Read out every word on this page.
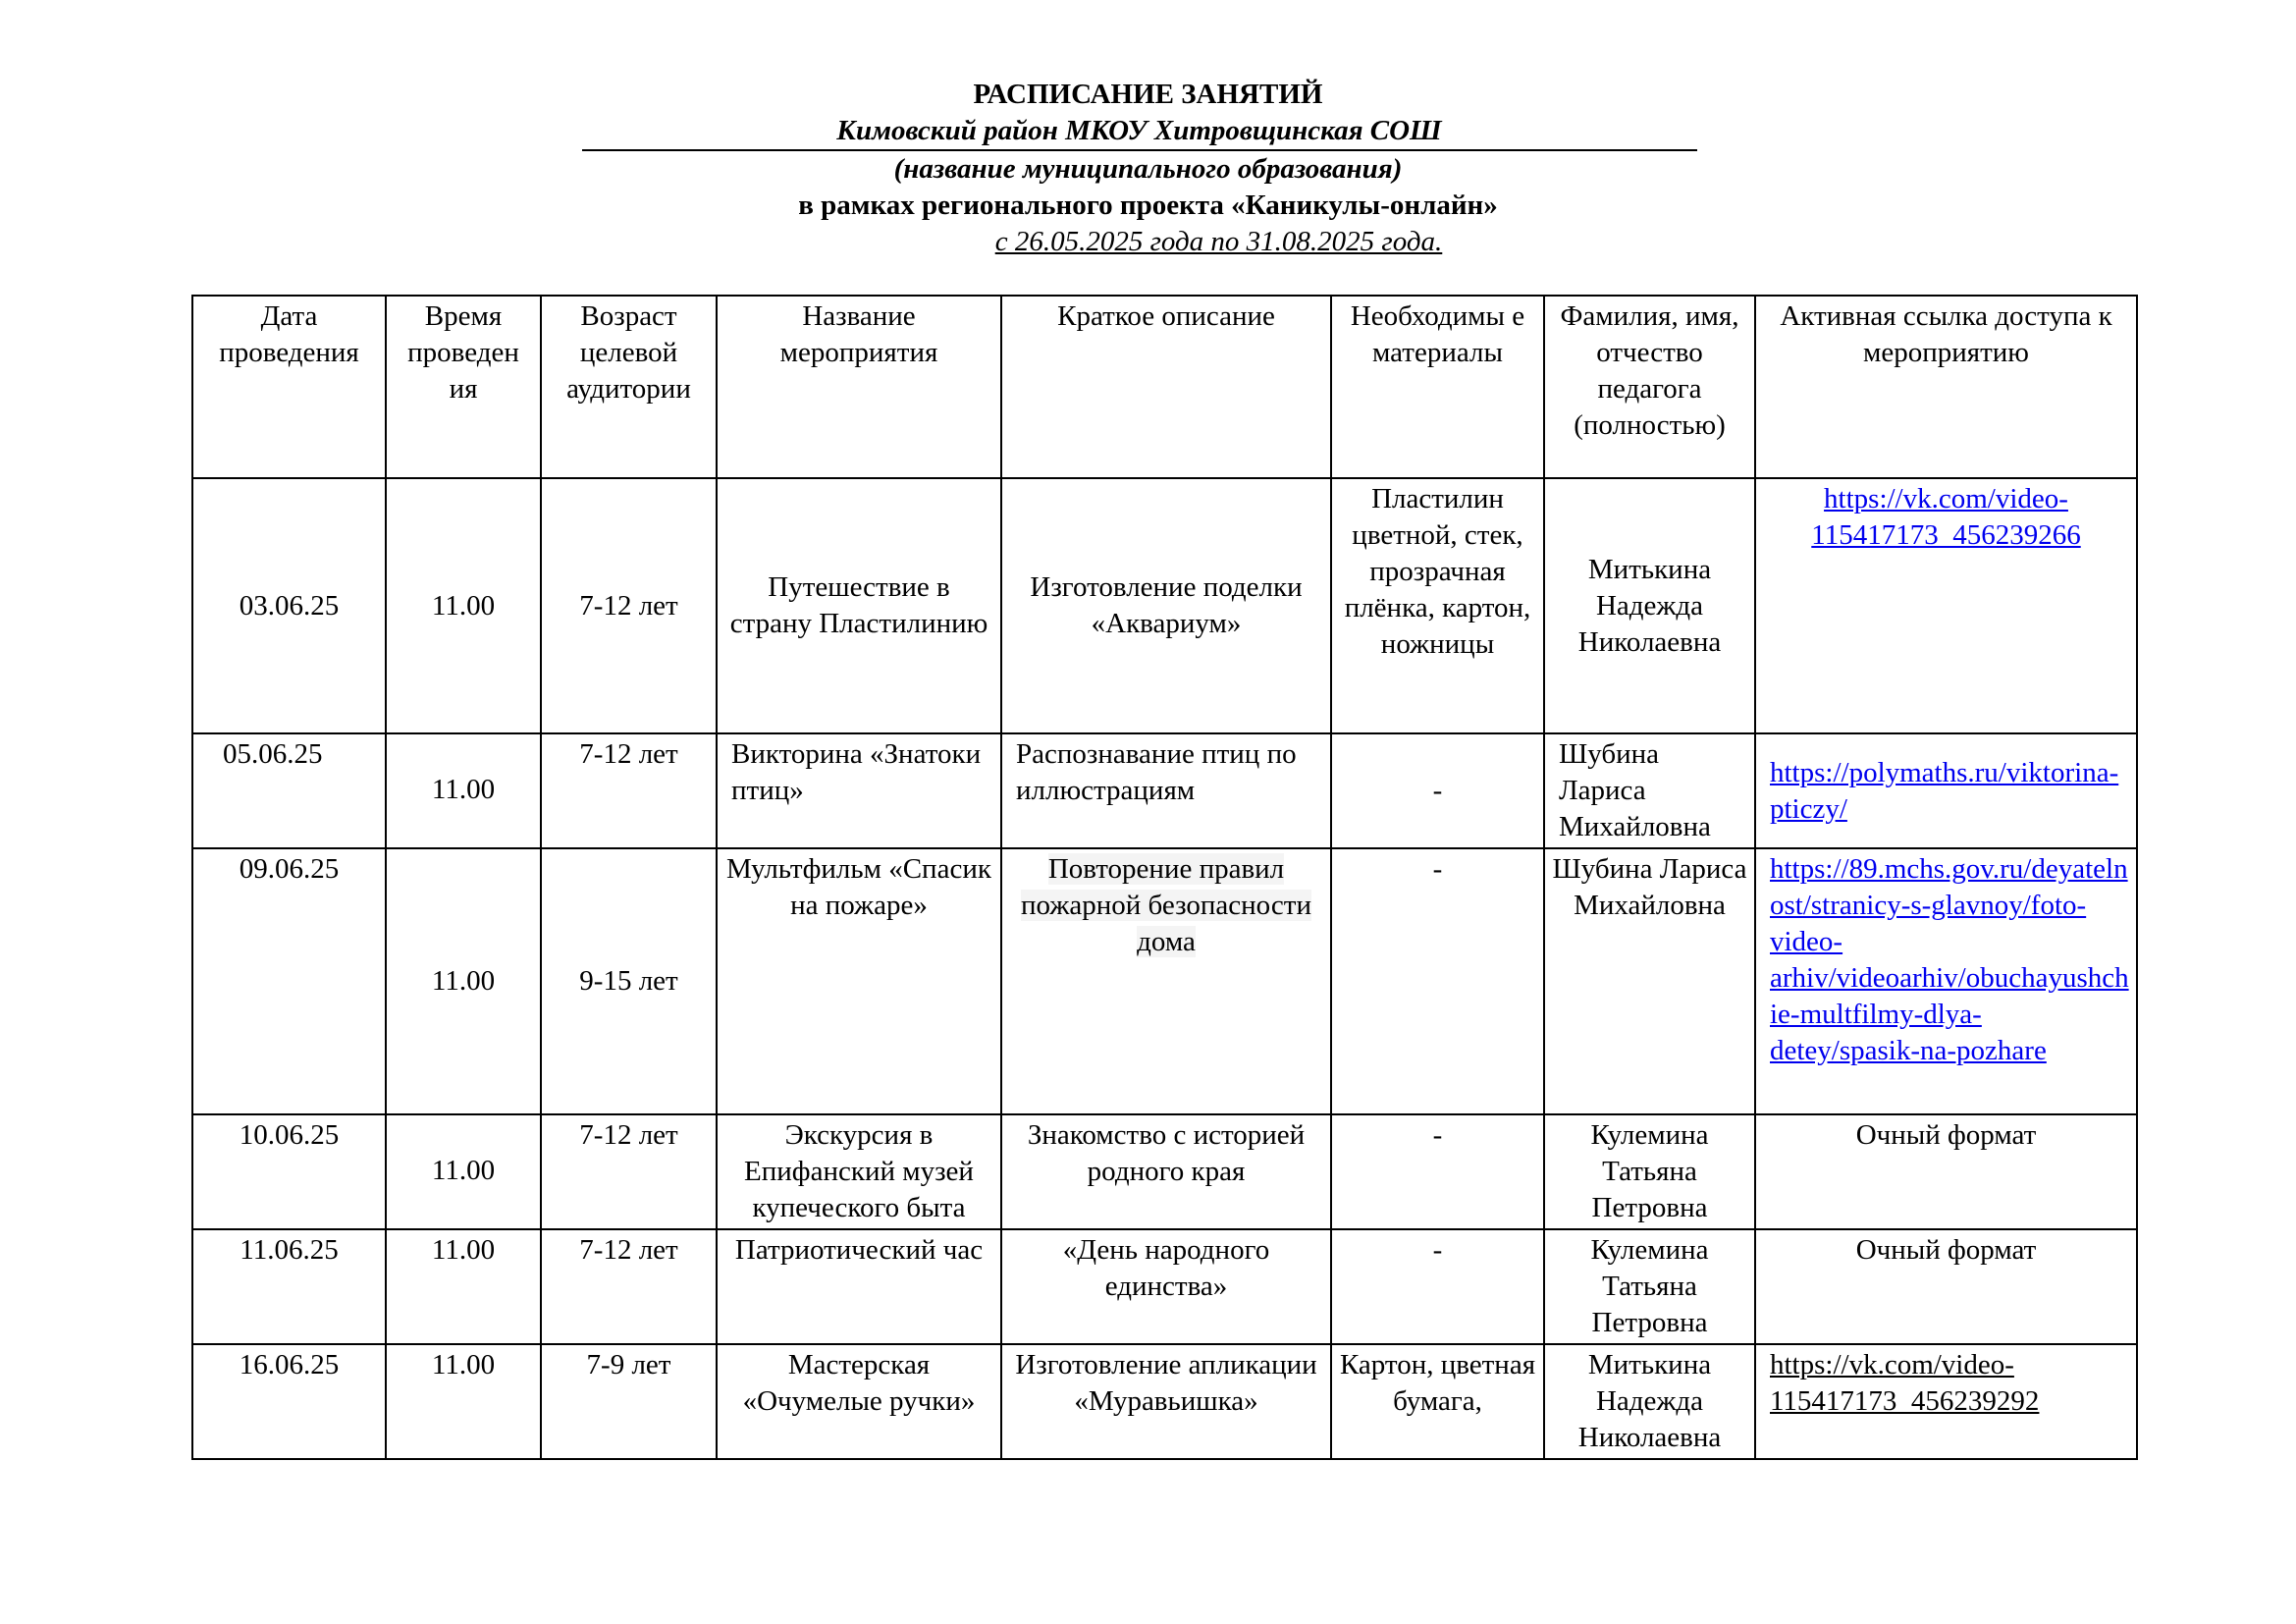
РАСПИСАНИЕ ЗАНЯТИЙ
Кимовский район МКОУ Хитровщинская СОШ
(название муниципального образования)
в рамках регионального проекта «Каникулы-онлайн»
с 26.05.2025 года по 31.08.2025 года.
Дата проведения	Время проведен ия	Возраст целевой аудитории	Название мероприятия	Краткое описание	Необходимы е материалы	Фамилия, имя, отчество педагога (полностью)	Активная ссылка доступа к мероприятию
03.06.25	11.00	7-12 лет	Путешествие в страну Пластилинию	Изготовление поделки «Аквариум»	Пластилин цветной, стек, прозрачная плёнка, картон, ножницы	Митькина Надежда Николаевна	https://vk.com/video-115417173_456239266
05.06.25	11.00	7-12 лет	Викторина «Знатоки птиц»	Распознавание птиц по иллюстрациям	-	Шубина Лариса Михайловна	https://polymaths.ru/viktorina-pticzy/
09.06.25	11.00	9-15 лет	Мультфильм «Спасик на пожаре»	Повторение правил пожарной безопасности дома	-	Шубина Лариса Михайловна	https://89.mchs.gov.ru/deyatelnost/stranicy-s-glavnoy/foto-video-arhiv/videoarhiv/obuchayushchie-multfilmy-dlya-detey/spasik-na-pozhare
10.06.25	11.00	7-12 лет	Экскурсия в Епифанский музей купеческого быта	Знакомство с историей родного края	-	Кулемина Татьяна Петровна	Очный формат
11.06.25	11.00	7-12 лет	Патриотический час	«День народного единства»	-	Кулемина Татьяна Петровна	Очный формат
16.06.25	11.00	7-9 лет	Мастерская «Очумелые ручки»	Изготовление апликации «Муравьишка»	Картон, цветная бумага,	Митькина Надежда Николаевна	https://vk.com/video-115417173_456239292
